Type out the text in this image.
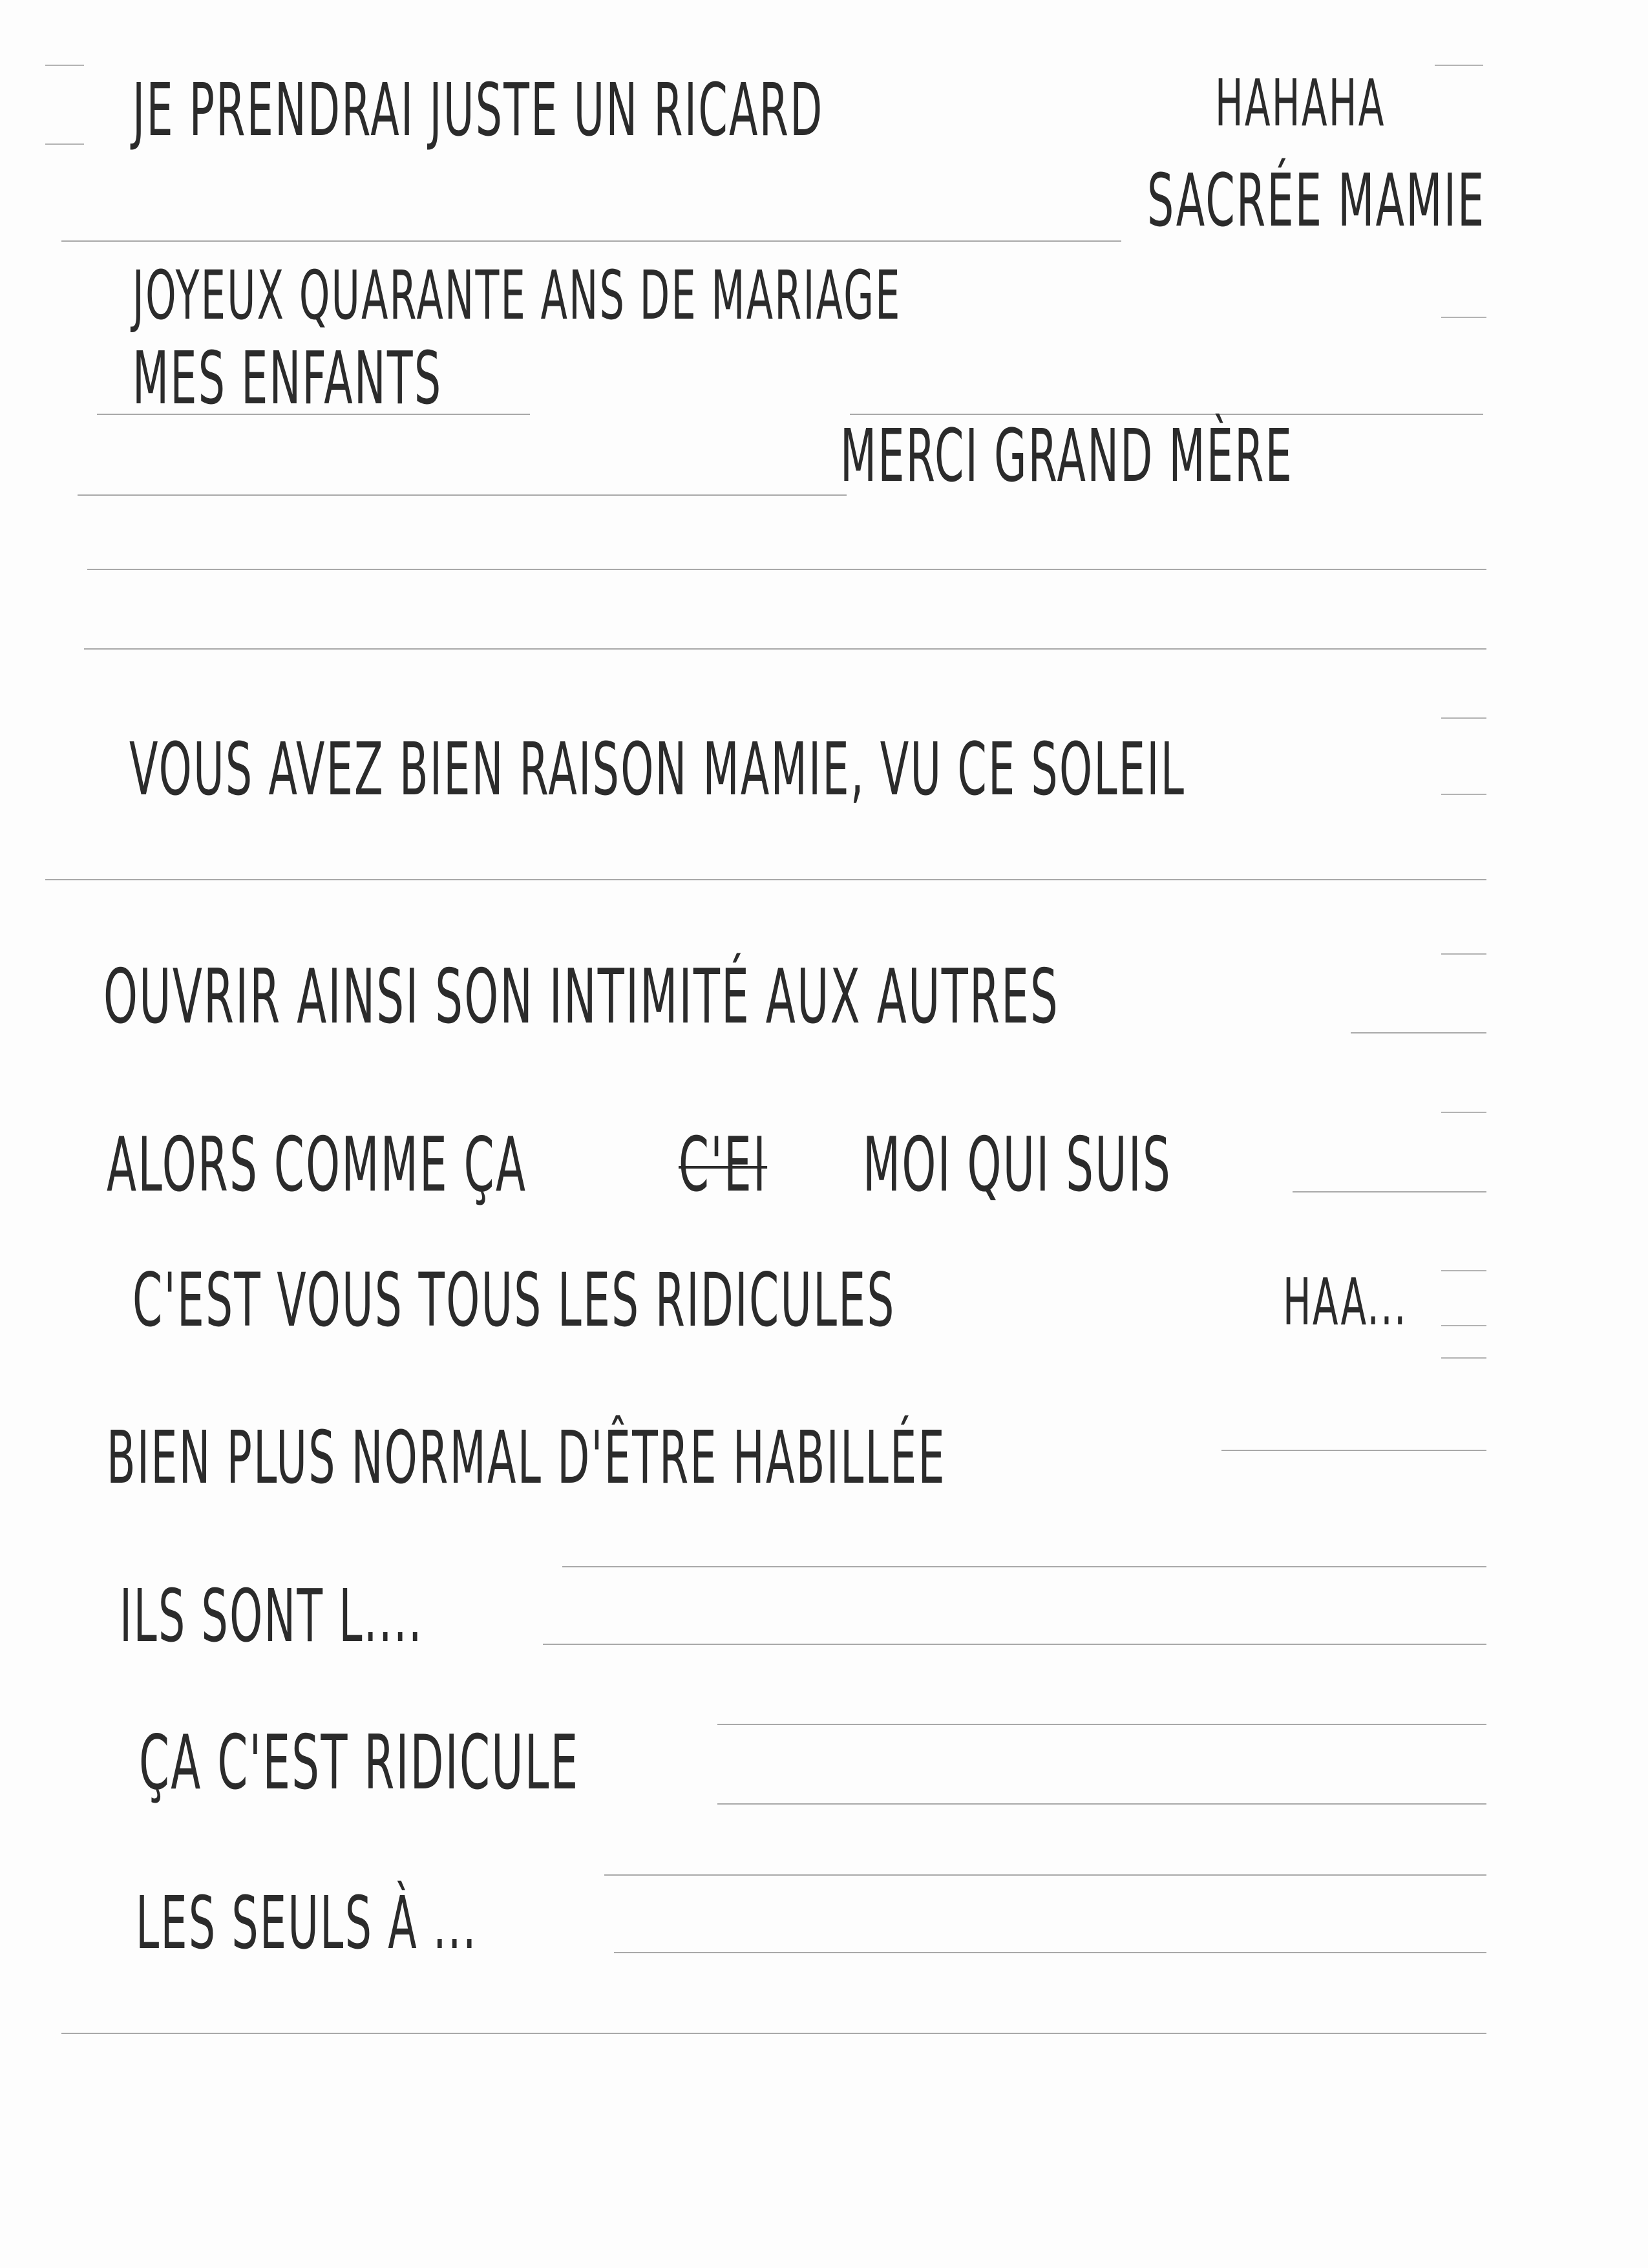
JE PRENDRAI JUSTE UN RICARD	HAHAHA
SACRÉE MAMIE
JOYEUX QUARANTE ANS DE MARIAGE
MES ENFANTS
MERCI GRAND MÈRE
VOUS AVEZ BIEN RAISON MAMIE, VU CE SOLEIL
OUVRIR AINSI SON INTIMITÉ AUX AUTRES
ALORS COMME ÇA C'EI MOI QUI SUIS
C'EST VOUS TOUS LES RIDICULES	HAA...
BIEN PLUS NORMAL D'ÊTRE HABILLÉE
ILS SONT L....
ÇA C'EST RIDICULE
LES SEULS À ...
